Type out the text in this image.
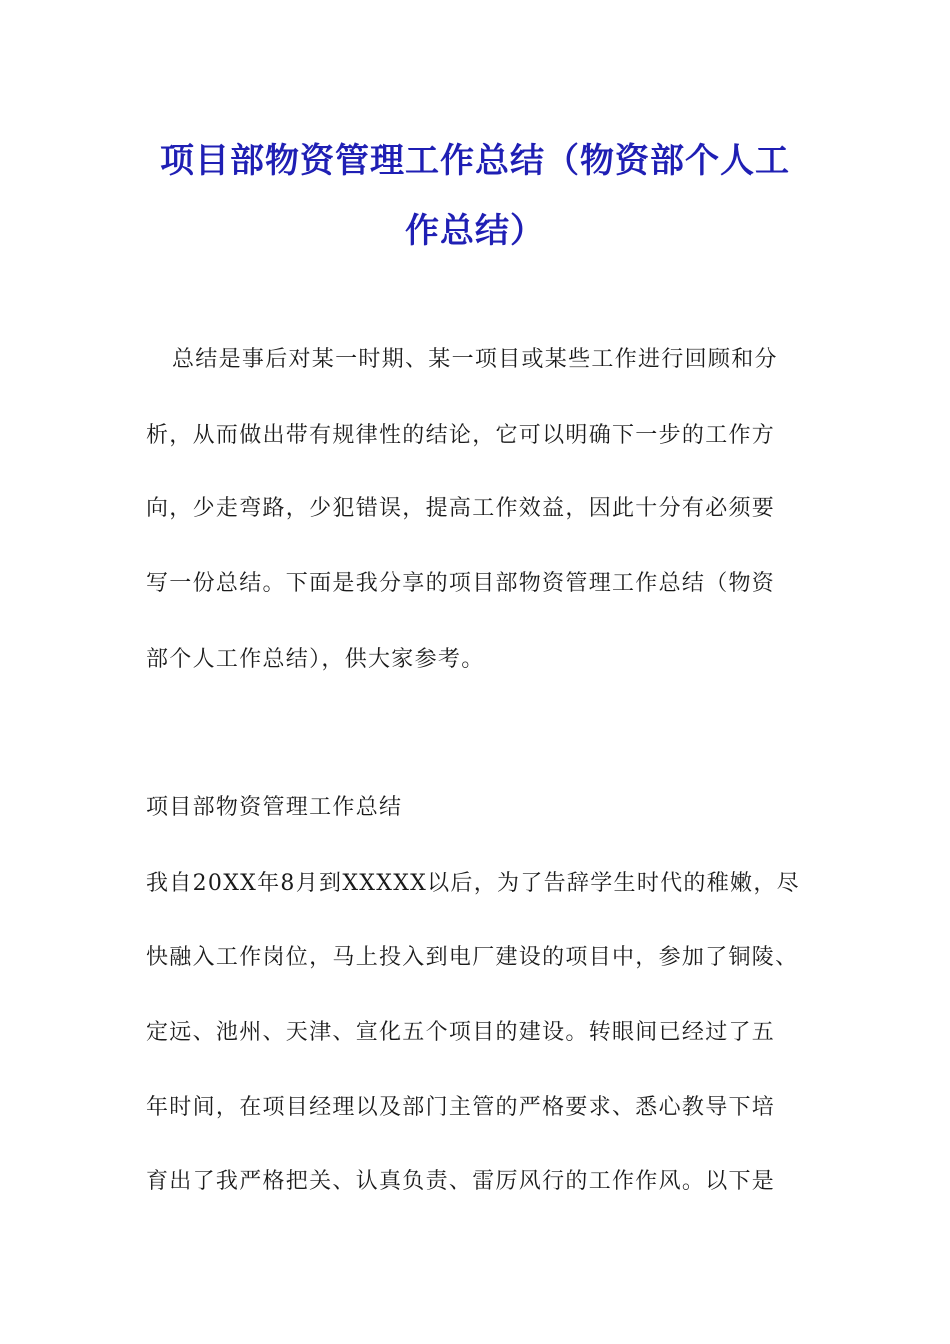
项目部物资管理工作总结（物资部个人工
作总结）
总结是事后对某一时期、某一项目或某些工作进行回顾和分
析，从而做出带有规律性的结论，它可以明确下一步的工作方
向，少走弯路，少犯错误，提高工作效益，因此十分有必须要
写一份总结。下面是我分享的项目部物资管理工作总结（物资
部个人工作总结），供大家参考。
项目部物资管理工作总结
我自20XX年8月到XXXXX以后，为了告辞学生时代的稚嫩，尽
快融入工作岗位，马上投入到电厂建设的项目中，参加了铜陵、
定远、池州、天津、宣化五个项目的建设。转眼间已经过了五
年时间，在项目经理以及部门主管的严格要求、悉心教导下培
育出了我严格把关、认真负责、雷厉风行的工作作风。以下是
